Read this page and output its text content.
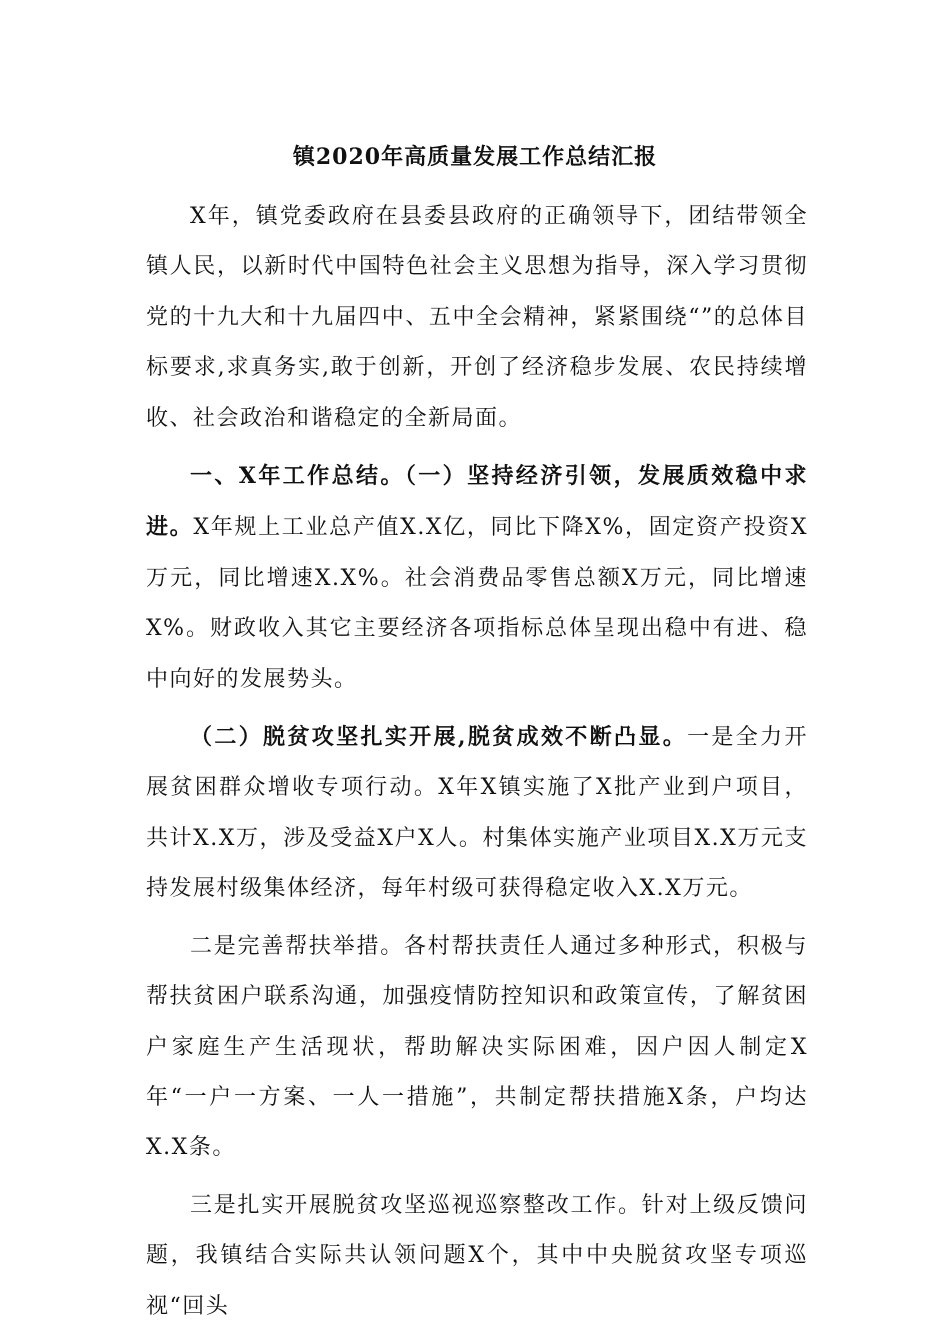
镇2020年高质量发展工作总结汇报

X年，镇党委政府在县委县政府的正确领导下，团结带领全镇人民，以新时代中国特色社会主义思想为指导，深入学习贯彻党的十九大和十九届四中、五中全会精神，紧紧围绕“”的总体目标要求,求真务实,敢于创新，开创了经济稳步发展、农民持续增收、社会政治和谐稳定的全新局面。

一、X年工作总结。（一）坚持经济引领，发展质效稳中求进。X年规上工业总产值X.X亿，同比下降X%，固定资产投资X万元，同比增速X.X%。社会消费品零售总额X万元，同比增速X%。财政收入其它主要经济各项指标总体呈现出稳中有进、稳中向好的发展势头。

（二）脱贫攻坚扎实开展,脱贫成效不断凸显。一是全力开展贫困群众增收专项行动。X年X镇实施了X批产业到户项目，共计X.X万，涉及受益X户X人。村集体实施产业项目X.X万元支持发展村级集体经济，每年村级可获得稳定收入X.X万元。

二是完善帮扶举措。各村帮扶责任人通过多种形式，积极与帮扶贫困户联系沟通，加强疫情防控知识和政策宣传，了解贫困户家庭生产生活现状，帮助解决实际困难，因户因人制定X年“一户一方案、一人一措施”，共制定帮扶措施X条，户均达X.X条。

三是扎实开展脱贫攻坚巡视巡察整改工作。针对上级反馈问题，我镇结合实际共认领问题X个，其中中央脱贫攻坚专项巡视“回头
